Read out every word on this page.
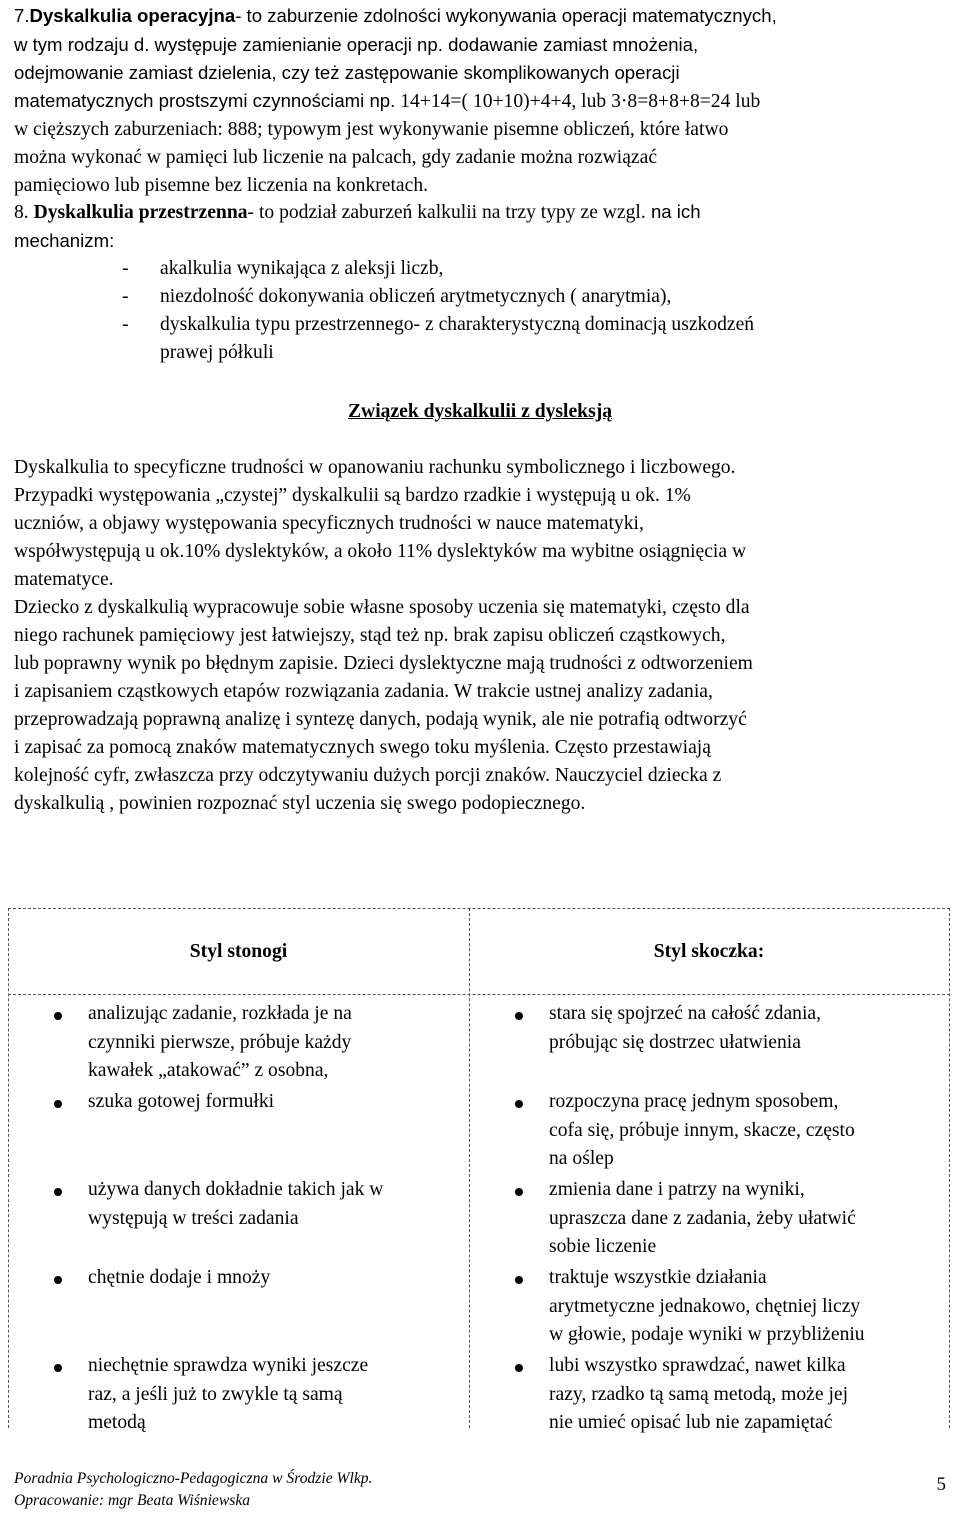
7.Dyskalkulia operacyjna- to zaburzenie zdolności wykonywania operacji matematycznych,

w tym rodzaju d. występuje zamienianie operacji np. dodawanie zamiast mnożenia,

odejmowanie zamiast dzielenia, czy też zastępowanie skomplikowanych operacji

matematycznych prostszymi czynnościami np. 14+14=( 10+10)+4+4, lub 3·8=8+8+8=24 lub

w cięższych zaburzeniach: 888; typowym jest wykonywanie pisemne obliczeń, które łatwo

można wykonać w pamięci lub liczenie na palcach, gdy zadanie można rozwiązać

pamięciowo lub pisemne bez liczenia na konkretach.

8. Dyskalkulia przestrzenna- to podział zaburzeń kalkulii na trzy typy ze wzgl. na ich

mechanizm:

- akalkulia wynikająca z aleksji liczb,
- niezdolność dokonywania obliczeń arytmetycznych ( anarytmia),
- dyskalkulia typu przestrzennego- z charakterystyczną dominacją uszkodzeń
prawej półkuli
Związek dyskalkulii z dysleksją

Dyskalkulia to specyficzne trudności w opanowaniu rachunku symbolicznego i liczbowego.

Przypadki występowania „czystej” dyskalkulii są bardzo rzadkie i występują u ok. 1%

uczniów, a objawy występowania specyficznych trudności w nauce matematyki,

współwystępują u ok.10% dyslektyków, a około 11% dyslektyków ma wybitne osiągnięcia w

matematyce.

Dziecko z dyskalkulią wypracowuje sobie własne sposoby uczenia się matematyki, często dla

niego rachunek pamięciowy jest łatwiejszy, stąd też np. brak zapisu obliczeń cząstkowych,

lub poprawny wynik po błędnym zapisie. Dzieci dyslektyczne mają trudności z odtworzeniem

i zapisaniem cząstkowych etapów rozwiązania zadania. W trakcie ustnej analizy zadania,

przeprowadzają poprawną analizę i syntezę danych, podają wynik, ale nie potrafią odtworzyć

i zapisać za pomocą znaków matematycznych swego toku myślenia. Często przestawiają

kolejność cyfr, zwłaszcza przy odczytywaniu dużych porcji znaków. Nauczyciel dziecka z

dyskalkulią , powinien rozpoznać styl uczenia się swego podopiecznego.

Styl stonogi	Styl skoczka:
analizując zadanie, rozkłada je na
czynniki pierwsze, próbuje każdy
kawałek „atakować” z osobna,
szuka gotowej formułki
używa danych dokładnie takich jak w
występują w treści zadania
chętnie dodaje i mnoży
niechętnie sprawdza wyniki jeszcze
raz, a jeśli już to zwykle tą samą
metodą
stara się spojrzeć na całość zdania,
próbując się dostrzec ułatwienia
rozpoczyna pracę jednym sposobem,
cofa się, próbuje innym, skacze, często
na oślep
zmienia dane i patrzy na wyniki,
upraszcza dane z zadania, żeby ułatwić
sobie liczenie
traktuje wszystkie działania
arytmetyczne jednakowo, chętniej liczy
w głowie, podaje wyniki w przybliżeniu
lubi wszystko sprawdzać, nawet kilka
razy, rzadko tą samą metodą, może jej
nie umieć opisać lub nie zapamiętać
Poradnia Psychologiczno-Pedagogiczna w Środzie Wlkp.
Opracowanie: mgr Beata Wiśniewska
5
